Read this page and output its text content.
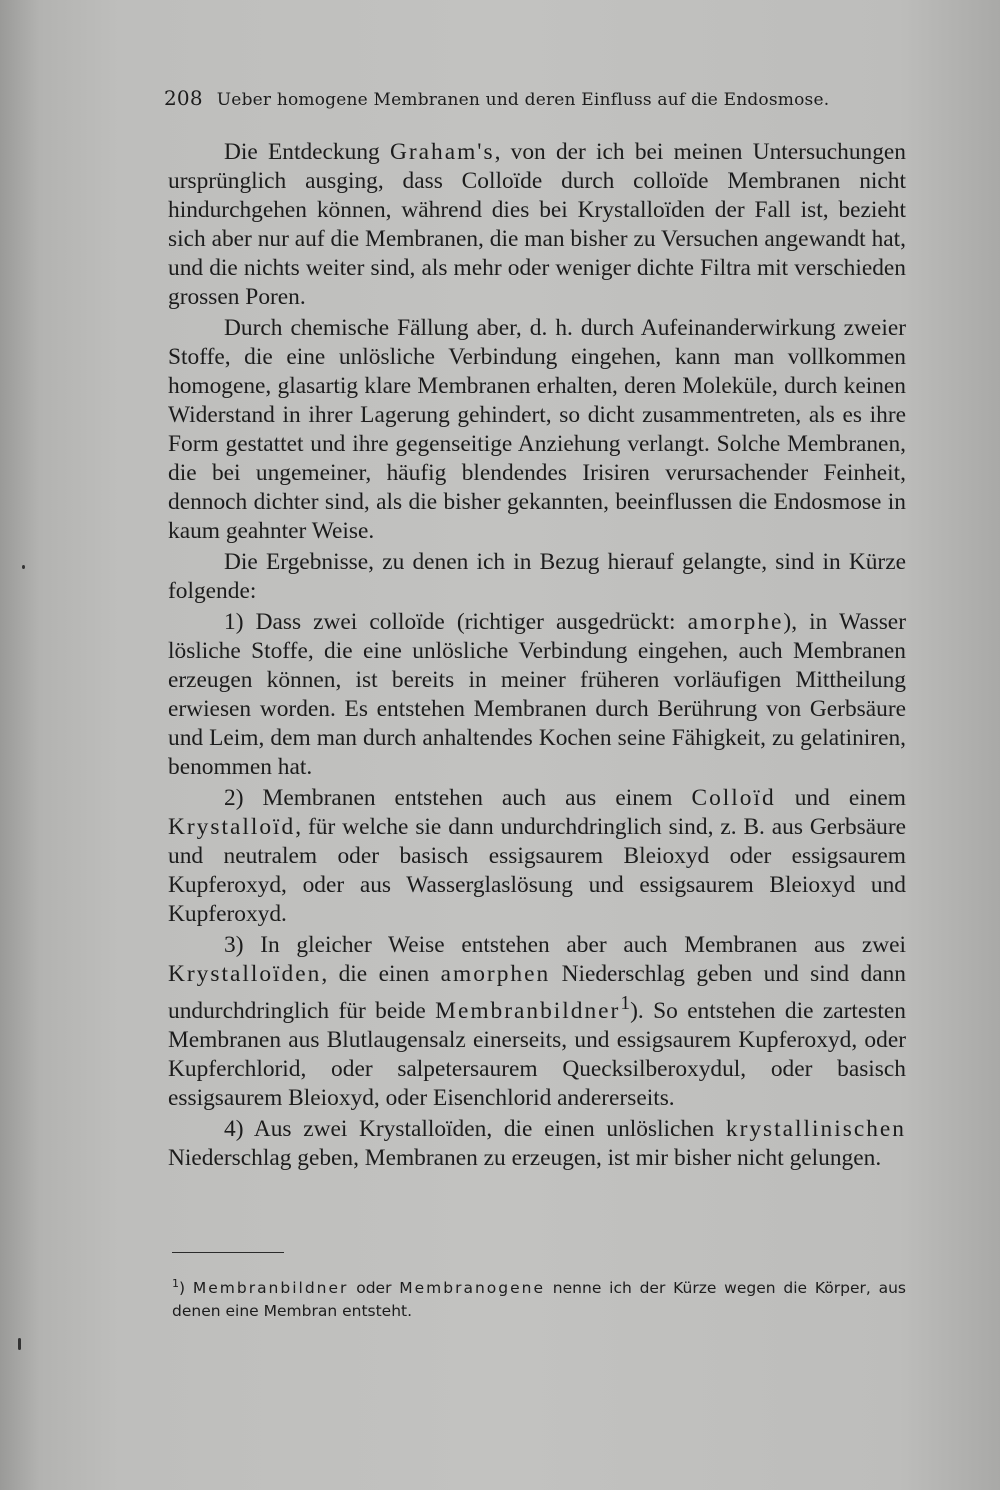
208 Ueber homogene Membranen und deren Einfluss auf die Endosmose.

Die Entdeckung Graham's, von der ich bei meinen Untersuchungen ursprünglich ausging, dass Colloïde durch colloïde Membranen nicht hindurchgehen können, während dies bei Krystalloïden der Fall ist, bezieht sich aber nur auf die Membranen, die man bisher zu Versuchen angewandt hat, und die nichts weiter sind, als mehr oder weniger dichte Filtra mit verschieden grossen Poren.

Durch chemische Fällung aber, d. h. durch Aufeinanderwirkung zweier Stoffe, die eine unlösliche Verbindung eingehen, kann man vollkommen homogene, glasartig klare Membranen erhalten, deren Moleküle, durch keinen Widerstand in ihrer Lagerung gehindert, so dicht zusammentreten, als es ihre Form gestattet und ihre gegenseitige Anziehung verlangt. Solche Membranen, die bei ungemeiner, häufig blendendes Irisiren verursachender Feinheit, dennoch dichter sind, als die bisher gekannten, beeinflussen die Endosmose in kaum geahnter Weise.

Die Ergebnisse, zu denen ich in Bezug hierauf gelangte, sind in Kürze folgende:

1) Dass zwei colloïde (richtiger ausgedrückt: amorphe), in Wasser lösliche Stoffe, die eine unlösliche Verbindung eingehen, auch Membranen erzeugen können, ist bereits in meiner früheren vorläufigen Mittheilung erwiesen worden. Es entstehen Membranen durch Berührung von Gerbsäure und Leim, dem man durch anhaltendes Kochen seine Fähigkeit, zu gelatiniren, benommen hat.

2) Membranen entstehen auch aus einem Colloïd und einem Krystalloïd, für welche sie dann undurchdringlich sind, z. B. aus Gerbsäure und neutralem oder basisch essigsaurem Bleioxyd oder essigsaurem Kupferoxyd, oder aus Wasserglaslösung und essigsaurem Bleioxyd und Kupferoxyd.

3) In gleicher Weise entstehen aber auch Membranen aus zwei Krystalloïden, die einen amorphen Niederschlag geben und sind dann undurchdringlich für beide Membranbildner$^1$). So entstehen die zartesten Membranen aus Blutlaugensalz einerseits, und essigsaurem Kupferoxyd, oder Kupferchlorid, oder salpetersaurem Quecksilberoxydul, oder basisch essigsaurem Bleioxyd, oder Eisenchlorid andererseits.

4) Aus zwei Krystalloïden, die einen unlöslichen krystallinischen Niederschlag geben, Membranen zu erzeugen, ist mir bisher nicht gelungen.

$^1$) Membranbildner oder Membranogene nenne ich der Kürze wegen die Körper, aus denen eine Membran entsteht.
